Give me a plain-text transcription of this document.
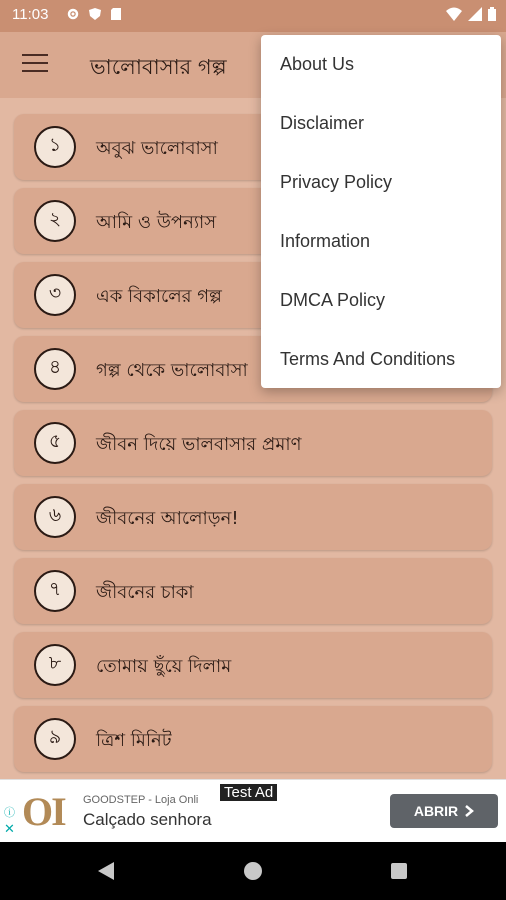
11:03
ভালোবাসার গল্প
১	অবুঝ ভালোবাসা
২	আমি ও উপন্যাস
৩	এক বিকালের গল্প
৪	গল্প থেকে ভালোবাসা
৫	জীবন দিয়ে ভালবাসার প্রমাণ
৬	জীবনের আলোড়ন!
৭	জীবনের চাকা
৮	তোমায় ছুঁয়ে দিলাম
৯	ত্রিশ মিনিট
About Us
Disclaimer
Privacy Policy
Information
DMCA Policy
Terms And Conditions
ⓘ
✕ OI GOODSTEP - Loja Onli
Calçado senhora
Test Ad
ABRIR
